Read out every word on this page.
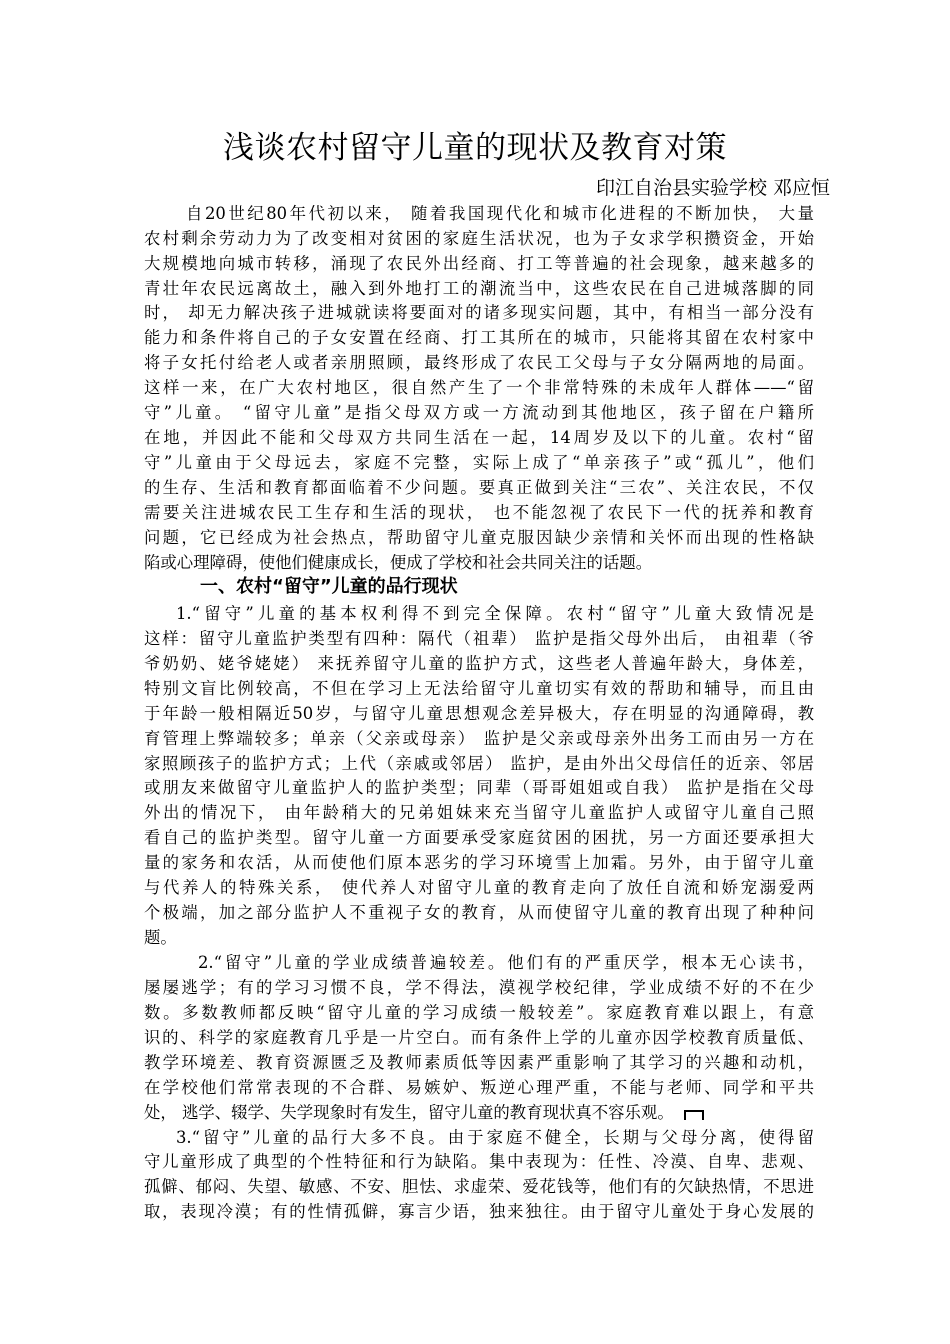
浅谈农村留守儿童的现状及教育对策
印江自治县实验学校 邓应恒
自20世纪80年代初以来， 随着我国现代化和城市化进程的不断加快， 大量
农村剩余劳动力为了改变相对贫困的家庭生活状况，也为子女求学积攒资金，开始
大规模地向城市转移，涌现了农民外出经商、打工等普遍的社会现象，越来越多的
青壮年农民远离故土，融入到外地打工的潮流当中，这些农民在自己进城落脚的同
时， 却无力解决孩子进城就读将要面对的诸多现实问题，其中，有相当一部分没有
能力和条件将自己的子女安置在经商、打工其所在的城市，只能将其留在农村家中
将子女托付给老人或者亲朋照顾，最终形成了农民工父母与子女分隔两地的局面。
这样一来，在广大农村地区，很自然产生了一个非常特殊的未成年人群体——“留
守”儿童。 “留守儿童”是指父母双方或一方流动到其他地区，孩子留在户籍所
在地，并因此不能和父母双方共同生活在一起，14周岁及以下的儿童。农村“留
守”儿童由于父母远去，家庭不完整，实际上成了“单亲孩子”或“孤儿”，他们
的生存、生活和教育都面临着不少问题。要真正做到关注“三农”、关注农民，不仅
需要关注进城农民工生存和生活的现状， 也不能忽视了农民下一代的抚养和教育
问题，它已经成为社会热点，帮助留守儿童克服因缺少亲情和关怀而出现的性格缺
陷或心理障碍，使他们健康成长，便成了学校和社会共同关注的话题。
一、农村“留守”儿童的品行现状
1.“留守”儿童的基本权利得不到完全保障。农村“留守”儿童大致情况是
这样：留守儿童监护类型有四种：隔代（祖辈） 监护是指父母外出后， 由祖辈（爷
爷奶奶、姥爷姥姥） 来抚养留守儿童的监护方式，这些老人普遍年龄大，身体差，
特别文盲比例较高，不但在学习上无法给留守儿童切实有效的帮助和辅导，而且由
于年龄一般相隔近50岁，与留守儿童思想观念差异极大，存在明显的沟通障碍，教
育管理上弊端较多；单亲（父亲或母亲） 监护是父亲或母亲外出务工而由另一方在
家照顾孩子的监护方式；上代（亲戚或邻居） 监护，是由外出父母信任的近亲、邻居
或朋友来做留守儿童监护人的监护类型；同辈（哥哥姐姐或自我） 监护是指在父母
外出的情况下， 由年龄稍大的兄弟姐妹来充当留守儿童监护人或留守儿童自己照
看自己的监护类型。留守儿童一方面要承受家庭贫困的困扰，另一方面还要承担大
量的家务和农活，从而使他们原本恶劣的学习环境雪上加霜。另外，由于留守儿童
与代养人的特殊关系， 使代养人对留守儿童的教育走向了放任自流和娇宠溺爱两
个极端，加之部分监护人不重视子女的教育，从而使留守儿童的教育出现了种种问
题。
2.“留守”儿童的学业成绩普遍较差。他们有的严重厌学，根本无心读书，
屡屡逃学；有的学习习惯不良，学不得法，漠视学校纪律，学业成绩不好的不在少
数。多数教师都反映“留守儿童的学习成绩一般较差”。家庭教育难以跟上，有意
识的、科学的家庭教育几乎是一片空白。而有条件上学的儿童亦因学校教育质量低、
教学环境差、教育资源匮乏及教师素质低等因素严重影响了其学习的兴趣和动机，
在学校他们常常表现的不合群、易嫉妒、叛逆心理严重，不能与老师、同学和平共
处， 逃学、辍学、失学现象时有发生，留守儿童的教育现状真不容乐观。
3.“留守”儿童的品行大多不良。由于家庭不健全，长期与父母分离，使得留
守儿童形成了典型的个性特征和行为缺陷。集中表现为：任性、冷漠、自卑、悲观、
孤僻、郁闷、失望、敏感、不安、胆怯、求虚荣、爱花钱等，他们有的欠缺热情，不思进
取，表现冷漠；有的性情孤僻，寡言少语，独来独往。由于留守儿童处于身心发展的
